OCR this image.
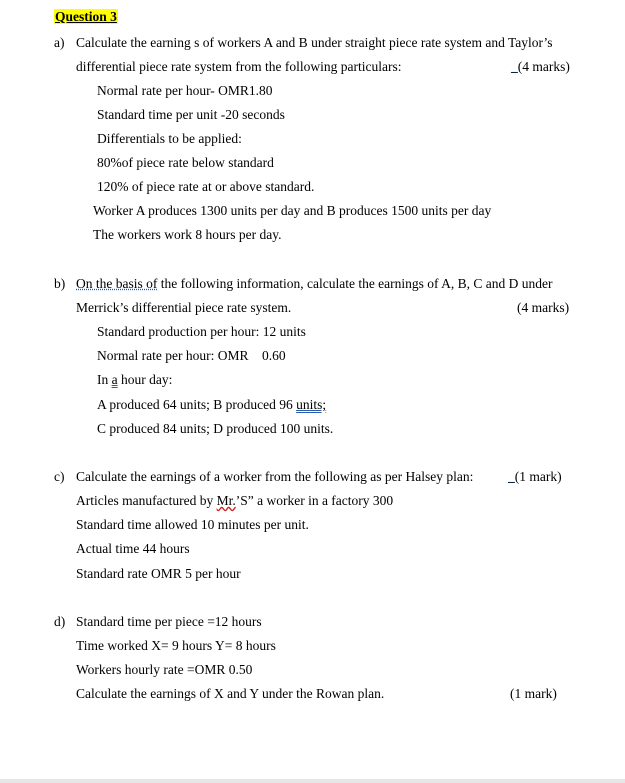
Question 3
a) Calculate the earning s of workers A and B under straight piece rate system and Taylor’s
differential piece rate system from the following particulars:	_(4 marks)
Normal rate per hour- OMR1.80
Standard time per unit -20 seconds
Differentials to be applied:
80%of piece rate below standard
120% of piece rate at or above standard.
Worker A produces 1300 units per day and B produces 1500 units per day
The workers work 8 hours per day.
b) On the basis of the following information, calculate the earnings of A, B, C and D under
Merrick’s differential piece rate system.	(4 marks)
Standard production per hour: 12 units
Normal rate per hour: OMR    0.60
In a hour day:
A produced 64 units; B produced 96 units;
C produced 84 units; D produced 100 units.
c) Calculate the earnings of a worker from the following as per Halsey plan:	_(1 mark)
Articles manufactured by Mr.’S” a worker in a factory 300
Standard time allowed 10 minutes per unit.
Actual time 44 hours
Standard rate OMR 5 per hour
d) Standard time per piece =12 hours
Time worked X= 9 hours Y= 8 hours
Workers hourly rate =OMR 0.50
Calculate the earnings of X and Y under the Rowan plan.	(1 mark)
